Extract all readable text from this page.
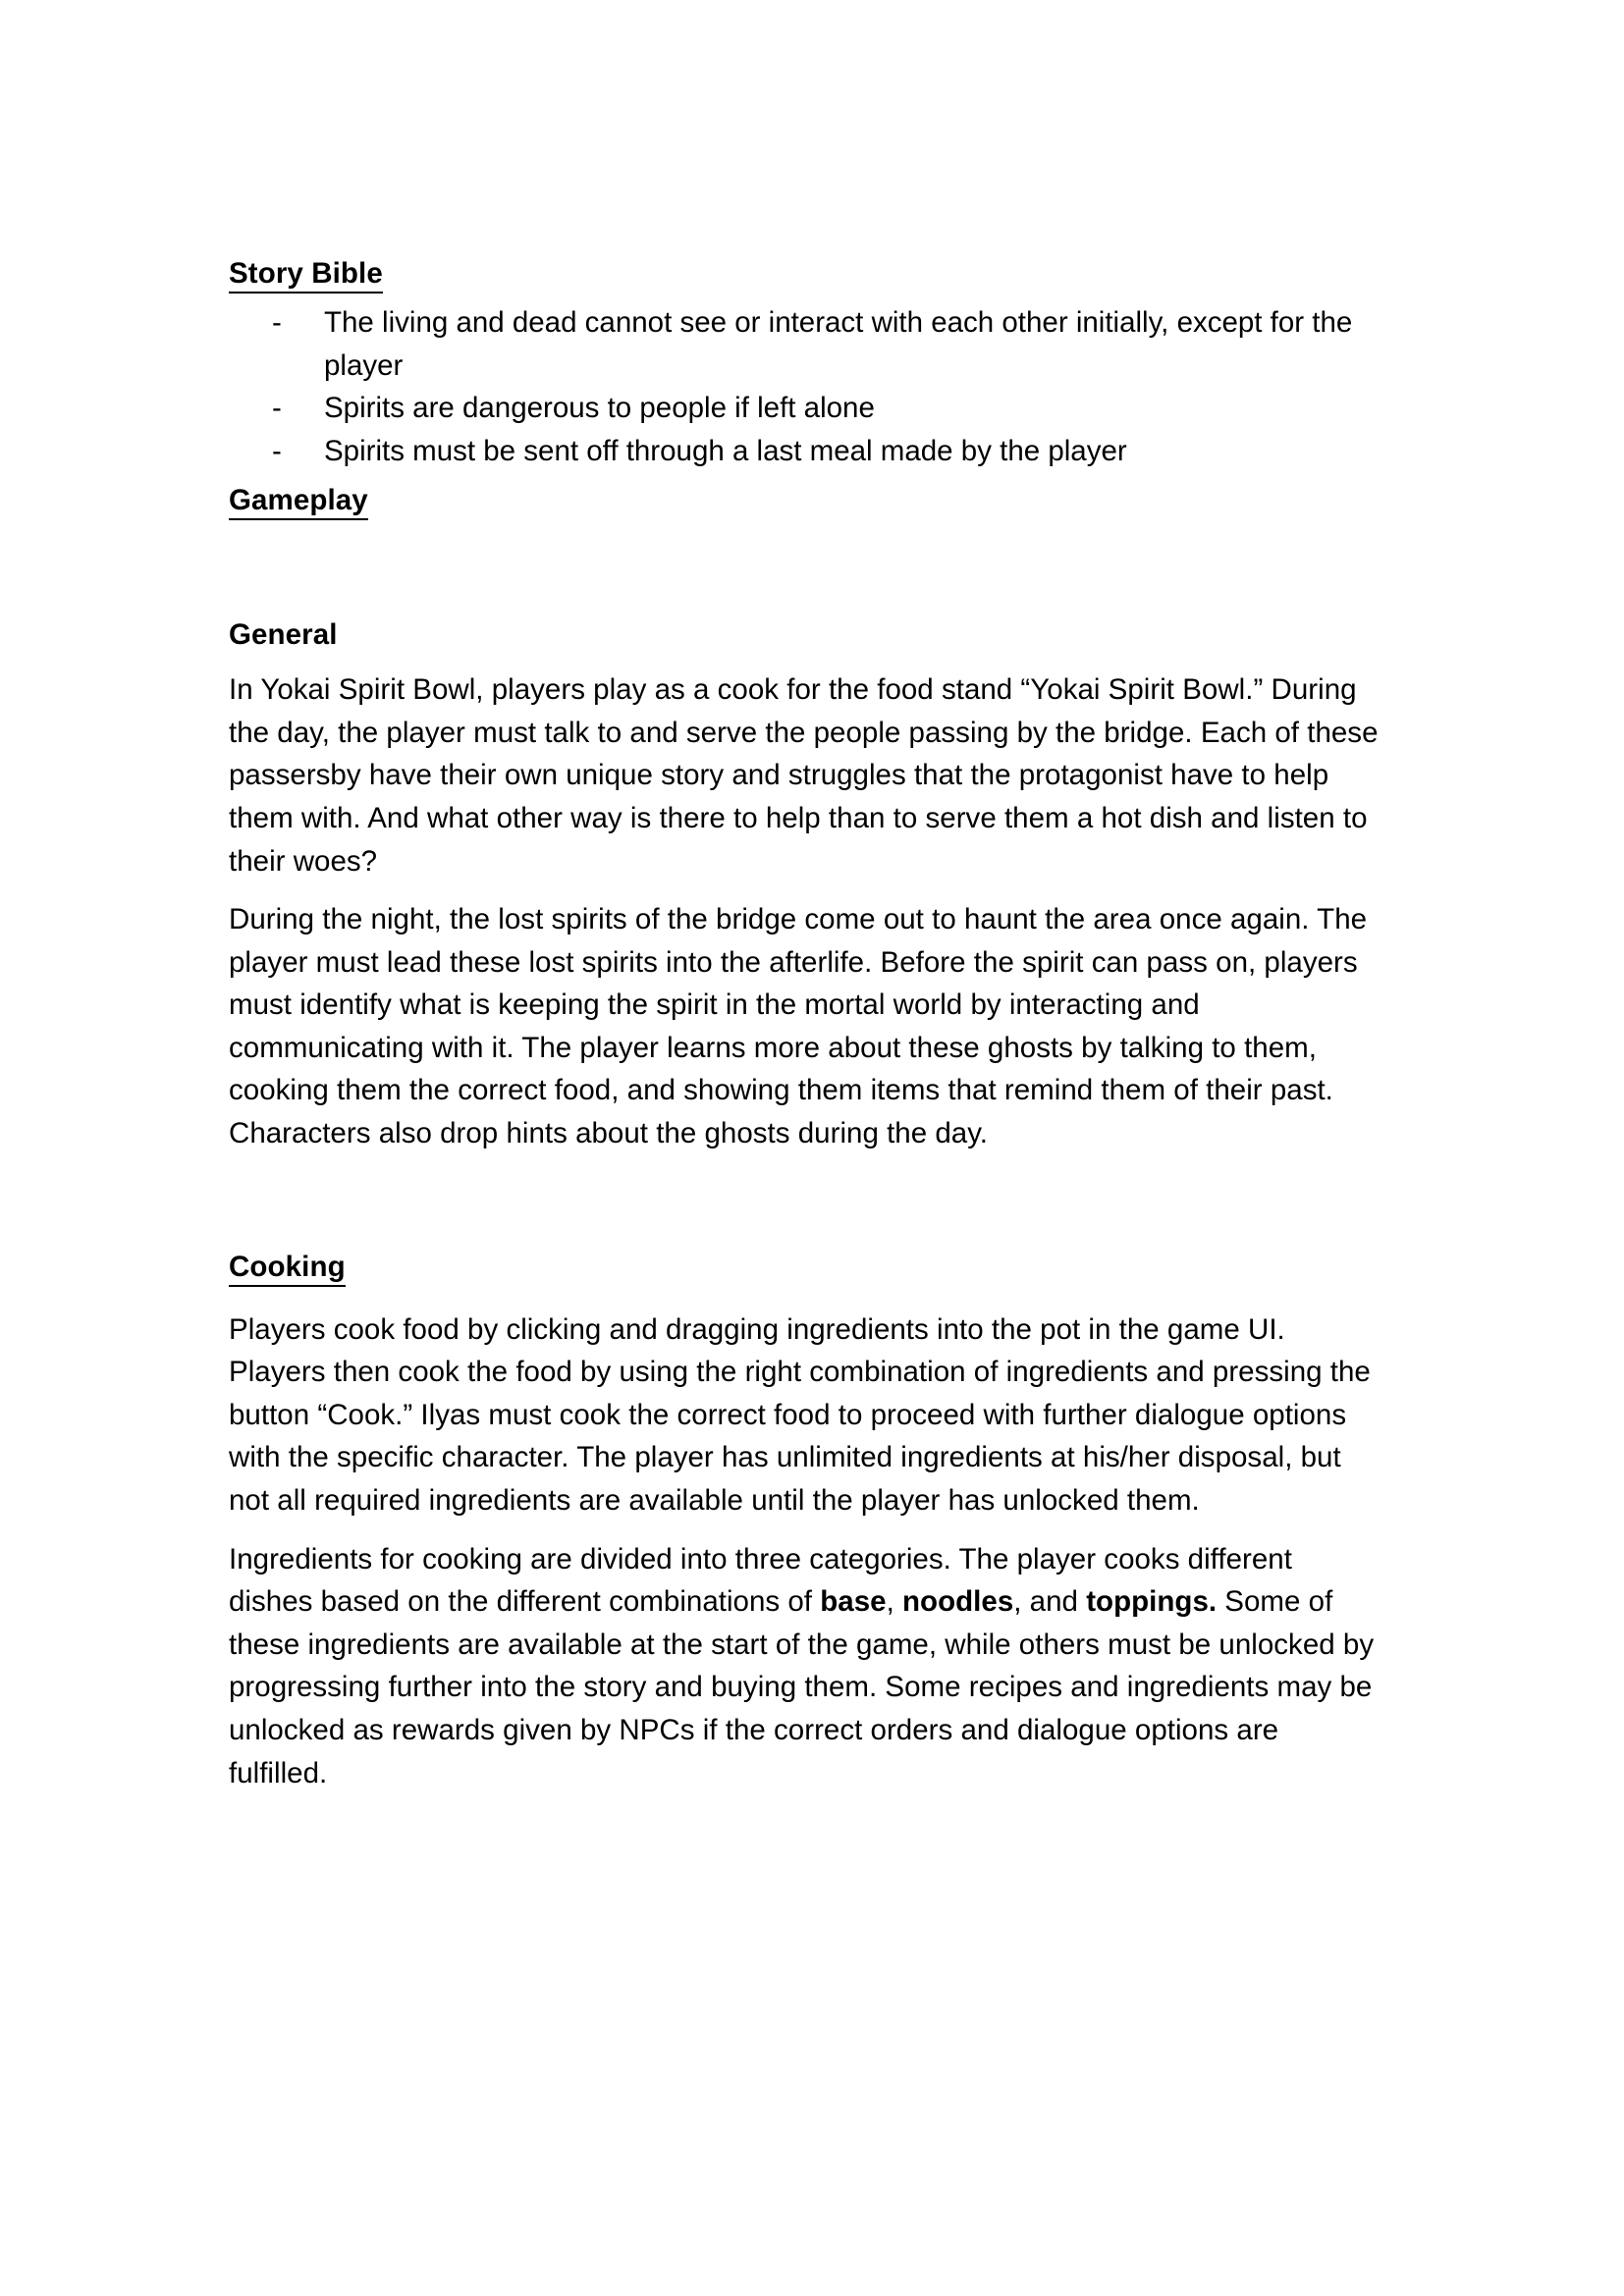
Story Bible
-	The living and dead cannot see or interact with each other initially, except for the player
-	Spirits are dangerous to people if left alone
-	Spirits must be sent off through a last meal made by the player
Gameplay
General

In Yokai Spirit Bowl, players play as a cook for the food stand “Yokai Spirit Bowl.” During the day, the player must talk to and serve the people passing by the bridge. Each of these passersby have their own unique story and struggles that the protagonist have to help them with. And what other way is there to help than to serve them a hot dish and listen to their woes?

During the night, the lost spirits of the bridge come out to haunt the area once again. The player must lead these lost spirits into the afterlife. Before the spirit can pass on, players must identify what is keeping the spirit in the mortal world by interacting and communicating with it. The player learns more about these ghosts by talking to them, cooking them the correct food, and showing them items that remind them of their past. Characters also drop hints about the ghosts during the day.

Cooking

Players cook food by clicking and dragging ingredients into the pot in the game UI. Players then cook the food by using the right combination of ingredients and pressing the button “Cook.” Ilyas must cook the correct food to proceed with further dialogue options with the specific character. The player has unlimited ingredients at his/her disposal, but not all required ingredients are available until the player has unlocked them.

Ingredients for cooking are divided into three categories. The player cooks different dishes based on the different combinations of base, noodles, and toppings. Some of these ingredients are available at the start of the game, while others must be unlocked by progressing further into the story and buying them. Some recipes and ingredients may be unlocked as rewards given by NPCs if the correct orders and dialogue options are fulfilled.
